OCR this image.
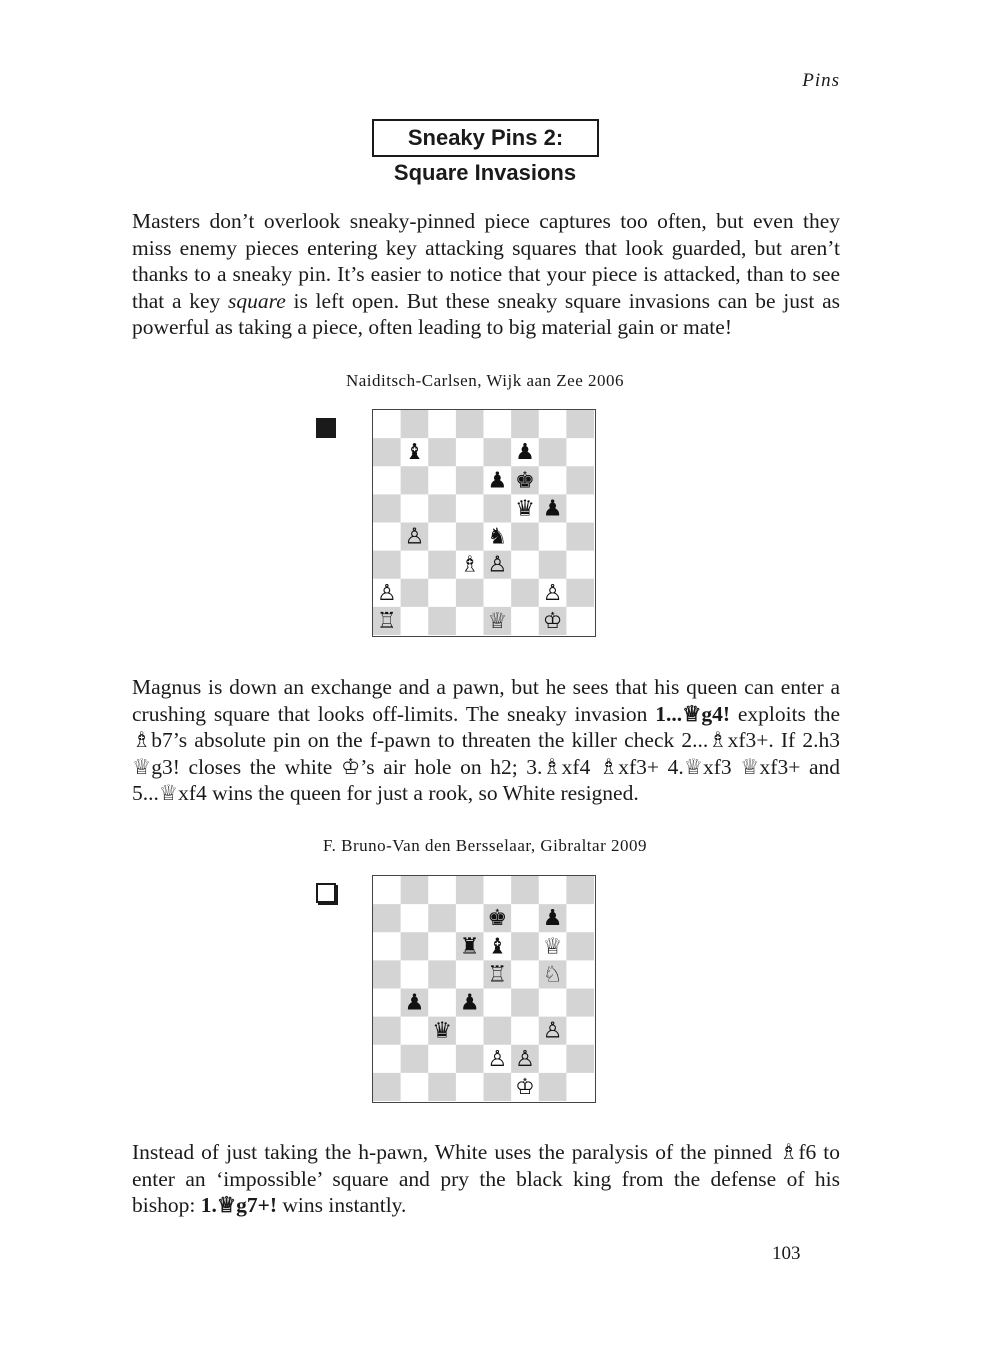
Pins
Sneaky Pins 2:
Square Invasions

Masters don’t overlook sneaky-pinned piece captures too often, but even they miss enemy pieces entering key attacking squares that look guarded, but aren’t thanks to a sneaky pin. It’s easier to notice that your piece is attacked, than to see that a key square is left open. But these sneaky square invasions can be just as powerful as taking a piece, often leading to big material gain or mate!

Naiditsch-Carlsen, Wijk aan Zee 2006
♝	♟
♟ ♚
♛ ♟
♙	♞
♗ ♙
♙	♙
♖	♕ ♔

Magnus is down an exchange and a pawn, but he sees that his queen can enter a crushing square that looks off-limits. The sneaky invasion 1...♕g4! exploits the ♗b7’s absolute pin on the f-pawn to threaten the killer check 2...♗xf3+. If 2.h3 ♕g3! closes the white ♔’s air hole on h2; 3.♗xf4 ♗xf3+ 4.♕xf3 ♕xf3+ and 5...♕xf4 wins the queen for just a rook, so White resigned.

F. Bruno-Van den Bersselaar, Gibraltar 2009
♚ ♟
♜ ♝ ♕
♖ ♘
♟ ♟
♛	♙
♙ ♙
♔

Instead of just taking the h-pawn, White uses the paralysis of the pinned ♗f6 to enter an ‘impossible’ square and pry the black king from the defense of his bishop: 1.♕g7+! wins instantly.

103
